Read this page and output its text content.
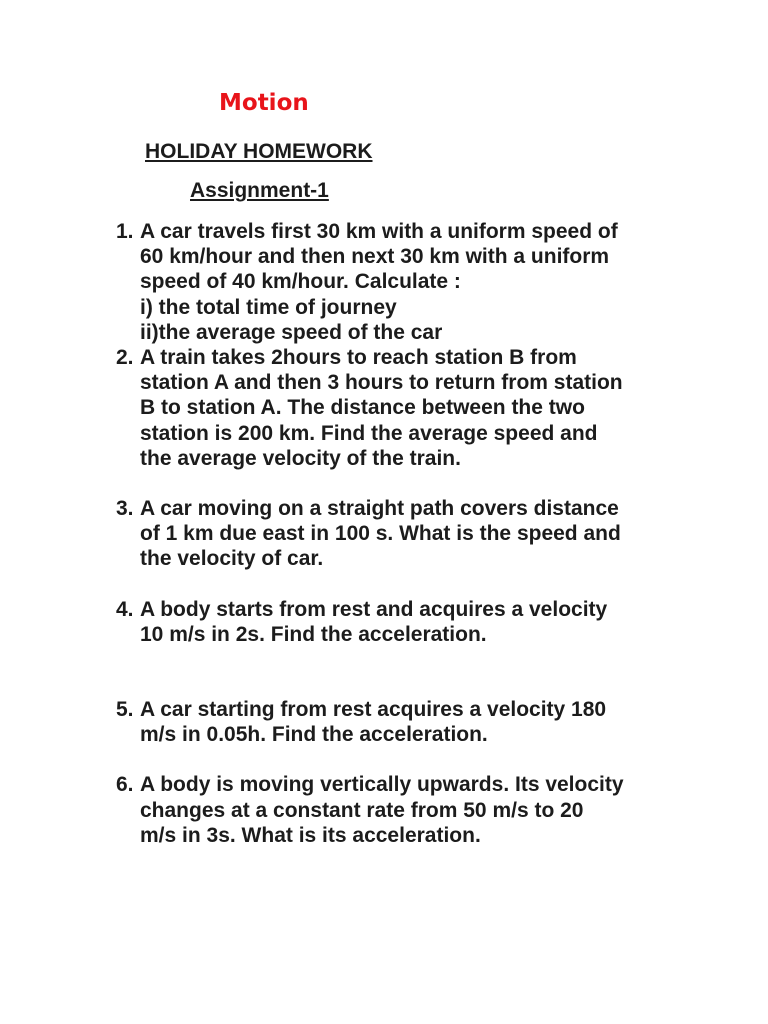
Motion
HOLIDAY HOMEWORK
Assignment-1
1. A car travels first 30 km with a uniform speed of
60 km/hour and then next 30 km with a uniform
speed of 40 km/hour. Calculate :
i) the total time of journey
ii)the average speed of the car
2. A train takes 2hours to reach station B from
station A and then 3 hours to return from station
B to station A. The distance between the two
station is 200 km. Find the average speed and
the average velocity of the train.
3. A car moving on a straight path covers distance
of 1 km due east in 100 s. What is the speed and
the velocity of car.
4. A body starts from rest and acquires a velocity
10 m/s in 2s. Find the acceleration.
5. A car starting from rest acquires a velocity 180
m/s in 0.05h. Find the acceleration.
6. A body is moving vertically upwards. Its velocity
changes at a constant rate from 50 m/s to 20
m/s in 3s. What is its acceleration.
